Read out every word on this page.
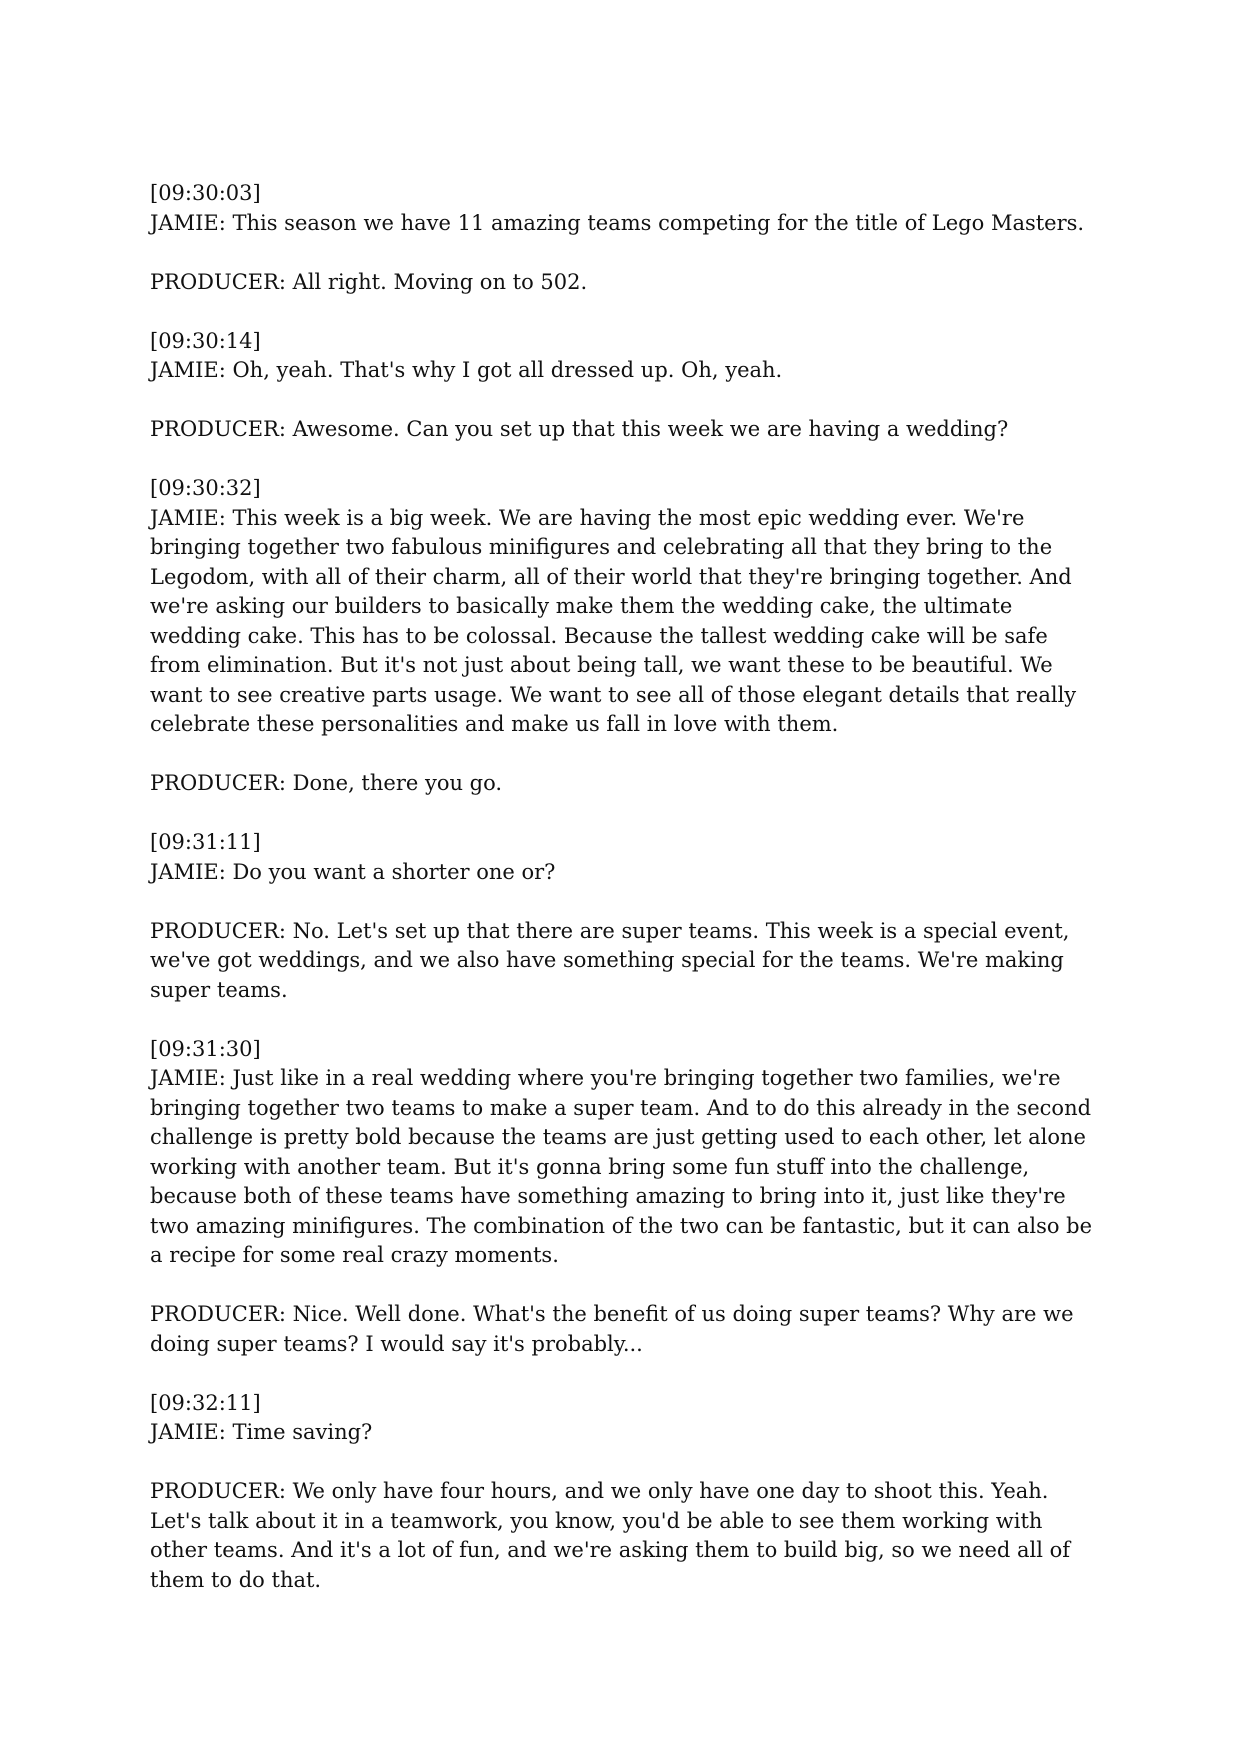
[09:30:03]
JAMIE: This season we have 11 amazing teams competing for the title of Lego Masters.
PRODUCER: All right. Moving on to 502.
[09:30:14]
JAMIE: Oh, yeah. That's why I got all dressed up. Oh, yeah.
PRODUCER: Awesome. Can you set up that this week we are having a wedding?
[09:30:32]
JAMIE: This week is a big week. We are having the most epic wedding ever. We're bringing together two fabulous minifigures and celebrating all that they bring to the Legodom, with all of their charm, all of their world that they're bringing together. And we're asking our builders to basically make them the wedding cake, the ultimate wedding cake. This has to be colossal. Because the tallest wedding cake will be safe from elimination. But it's not just about being tall, we want these to be beautiful. We want to see creative parts usage. We want to see all of those elegant details that really celebrate these personalities and make us fall in love with them.
PRODUCER: Done, there you go.
[09:31:11]
JAMIE: Do you want a shorter one or?
PRODUCER: No. Let's set up that there are super teams. This week is a special event, we've got weddings, and we also have something special for the teams. We're making super teams.
[09:31:30]
JAMIE: Just like in a real wedding where you're bringing together two families, we're bringing together two teams to make a super team. And to do this already in the second challenge is pretty bold because the teams are just getting used to each other, let alone working with another team. But it's gonna bring some fun stuff into the challenge, because both of these teams have something amazing to bring into it, just like they're two amazing minifigures. The combination of the two can be fantastic, but it can also be a recipe for some real crazy moments.
PRODUCER: Nice. Well done. What's the benefit of us doing super teams? Why are we doing super teams? I would say it's probably...
[09:32:11]
JAMIE: Time saving?
PRODUCER: We only have four hours, and we only have one day to shoot this. Yeah. Let's talk about it in a teamwork, you know, you'd be able to see them working with other teams. And it's a lot of fun, and we're asking them to build big, so we need all of them to do that.
